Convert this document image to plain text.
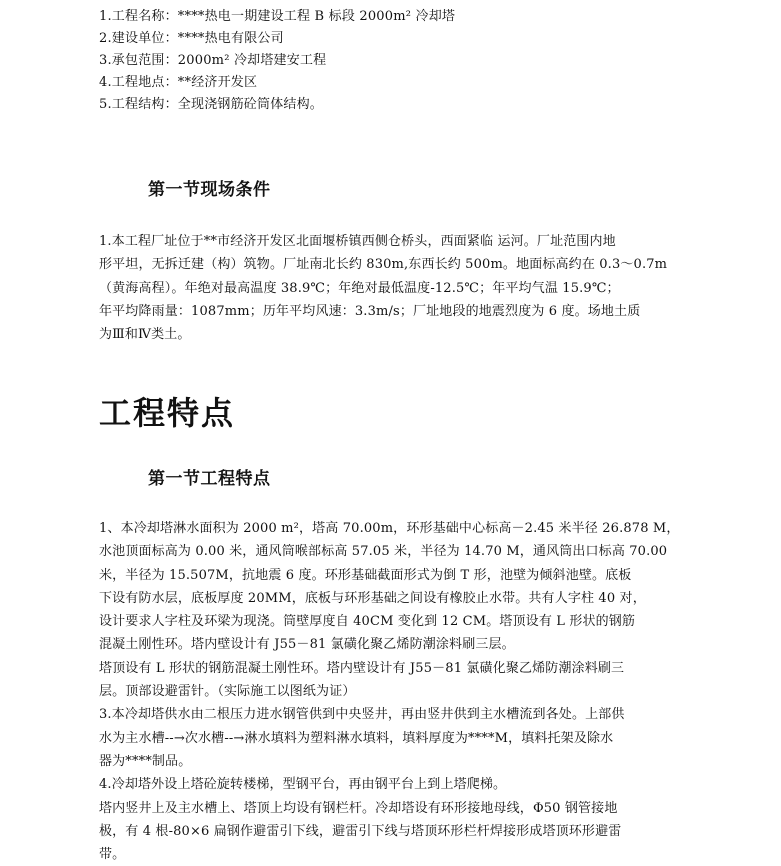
1.工程名称：****热电一期建设工程 B 标段 2000m² 冷却塔

2.建设单位：****热电有限公司

3.承包范围：2000m² 冷却塔建安工程

4.工程地点：**经济开发区

5.工程结构：全现浇钢筋砼筒体结构。

第一节现场条件

1.本工程厂址位于**市经济开发区北面堰桥镇西侧仓桥头，西面紧临 运河。厂址范围内地
形平坦，无拆迁建（构）筑物。厂址南北长约 830m,东西长约 500m。地面标高约在 0.3～0.7m
（黄海高程）。年绝对最高温度 38.9℃；年绝对最低温度-12.5℃；年平均气温 15.9℃；
年平均降雨量：1087mm；历年平均风速：3.3m/s；厂址地段的地震烈度为 6 度。场地土质
为Ⅲ和Ⅳ类土。

工程特点
第一节工程特点

1、本冷却塔淋水面积为 2000 m²，塔高 70.00m，环形基础中心标高－2.45 米半径 26.878 M，
水池顶面标高为 0.00 米，通风筒喉部标高 57.05 米，半径为 14.70 M，通风筒出口标高 70.00
米，半径为 15.507M，抗地震 6 度。环形基础截面形式为倒 T 形，池壁为倾斜池壁。底板
下设有防水层，底板厚度 20MM，底板与环形基础之间设有橡胶止水带。共有人字柱 40 对，
设计要求人字柱及环梁为现浇。筒壁厚度自 40CM 变化到 12 CM。塔顶设有 L 形状的钢筋
混凝土刚性环。塔内壁设计有 J55－81 氯磺化聚乙烯防潮涂料刷三层。

塔顶设有 L 形状的钢筋混凝土刚性环。塔内壁设计有 J55－81 氯磺化聚乙烯防潮涂料刷三
层。顶部设避雷针。（实际施工以图纸为证）

3.本冷却塔供水由二根压力进水钢管供到中央竖井，再由竖井供到主水槽流到各处。上部供
水为主水槽--→次水槽--→淋水填料为塑料淋水填料，填料厚度为****M，填料托架及除水
器为****制品。

4.冷却塔外设上塔砼旋转楼梯，型钢平台，再由钢平台上到上塔爬梯。

塔内竖井上及主水槽上、塔顶上均设有钢栏杆。冷却塔设有环形接地母线，Φ50 钢管接地
极，有 4 根-80×6 扁钢作避雷引下线，避雷引下线与塔顶环形栏杆焊接形成塔顶环形避雷
带。
